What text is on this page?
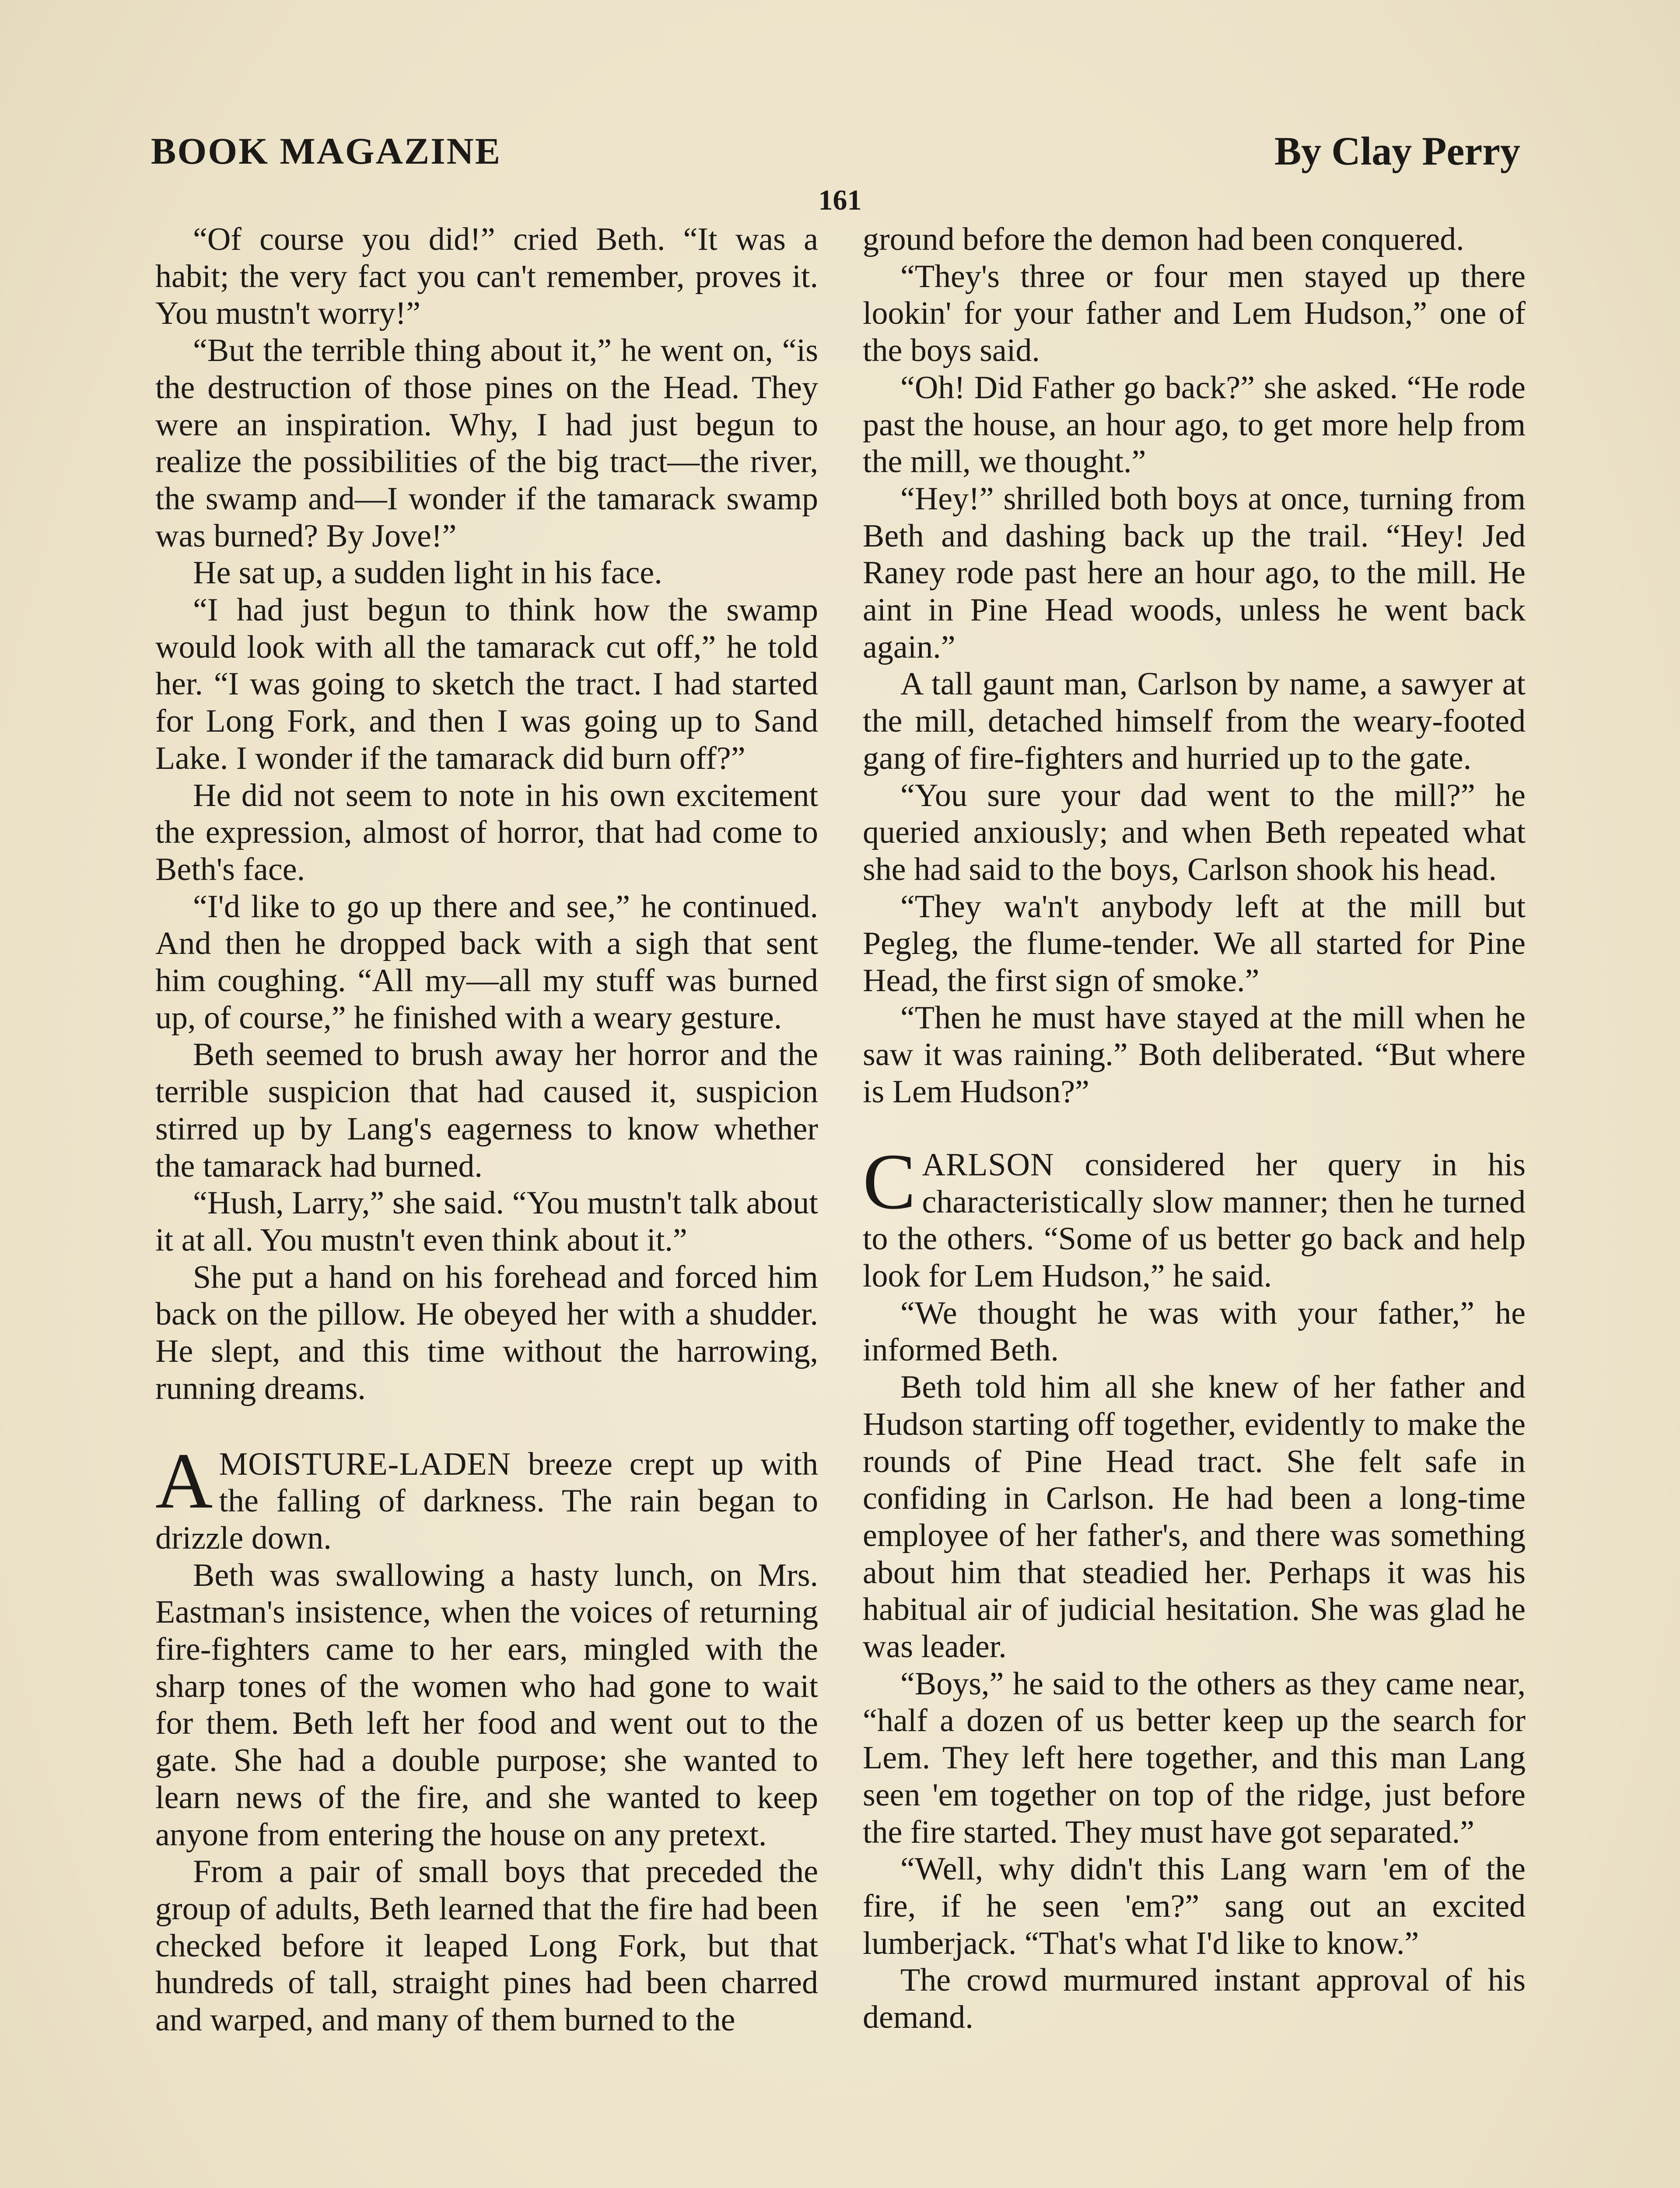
BOOK MAGAZINE	By Clay Perry
161

“Of course you did!” cried Beth. “It was a habit; the very fact you can't remember, proves it. You mustn't worry!”

“But the terrible thing about it,” he went on, “is the destruction of those pines on the Head. They were an inspiration. Why, I had just begun to realize the possibilities of the big tract—the river, the swamp and—I wonder if the tamarack swamp was burned? By Jove!”

He sat up, a sudden light in his face.

“I had just begun to think how the swamp would look with all the tamarack cut off,” he told her. “I was going to sketch the tract. I had started for Long Fork, and then I was going up to Sand Lake. I wonder if the tamarack did burn off?”

He did not seem to note in his own excitement the expression, almost of horror, that had come to Beth's face.

“I'd like to go up there and see,” he continued. And then he dropped back with a sigh that sent him coughing. “All my—all my stuff was burned up, of course,” he finished with a weary gesture.

Beth seemed to brush away her horror and the terrible suspicion that had caused it, suspicion stirred up by Lang's eagerness to know whether the tamarack had burned.

“Hush, Larry,” she said. “You mustn't talk about it at all. You mustn't even think about it.”

She put a hand on his forehead and forced him back on the pillow. He obeyed her with a shudder. He slept, and this time without the harrowing, running dreams.

AMOISTURE-LADEN breeze crept up with the falling of darkness. The rain began to drizzle down.

Beth was swallowing a hasty lunch, on Mrs. Eastman's insistence, when the voices of returning fire-fighters came to her ears, mingled with the sharp tones of the women who had gone to wait for them. Beth left her food and went out to the gate. She had a double purpose; she wanted to learn news of the fire, and she wanted to keep anyone from entering the house on any pretext.

From a pair of small boys that preceded the group of adults, Beth learned that the fire had been checked before it leaped Long Fork, but that hundreds of tall, straight pines had been charred and warped, and many of them burned to the

ground before the demon had been conquered.

“They's three or four men stayed up there lookin' for your father and Lem Hudson,” one of the boys said.

“Oh! Did Father go back?” she asked. “He rode past the house, an hour ago, to get more help from the mill, we thought.”

“Hey!” shrilled both boys at once, turning from Beth and dashing back up the trail. “Hey! Jed Raney rode past here an hour ago, to the mill. He aint in Pine Head woods, unless he went back again.”

A tall gaunt man, Carlson by name, a sawyer at the mill, detached himself from the weary-footed gang of fire-fighters and hurried up to the gate.

“You sure your dad went to the mill?” he queried anxiously; and when Beth repeated what she had said to the boys, Carlson shook his head.

“They wa'n't anybody left at the mill but Pegleg, the flume-tender. We all started for Pine Head, the first sign of smoke.”

“Then he must have stayed at the mill when he saw it was raining.” Both deliberated. “But where is Lem Hudson?”

CARLSON considered her query in his characteristically slow manner; then he turned to the others. “Some of us better go back and help look for Lem Hudson,” he said.

“We thought he was with your father,” he informed Beth.

Beth told him all she knew of her father and Hudson starting off together, evidently to make the rounds of Pine Head tract. She felt safe in confiding in Carlson. He had been a long-time employee of her father's, and there was something about him that steadied her. Perhaps it was his habitual air of judicial hesitation. She was glad he was leader.

“Boys,” he said to the others as they came near, “half a dozen of us better keep up the search for Lem. They left here together, and this man Lang seen 'em together on top of the ridge, just before the fire started. They must have got separated.”

“Well, why didn't this Lang warn 'em of the fire, if he seen 'em?” sang out an excited lumberjack. “That's what I'd like to know.”

The crowd murmured instant approval of his demand.
